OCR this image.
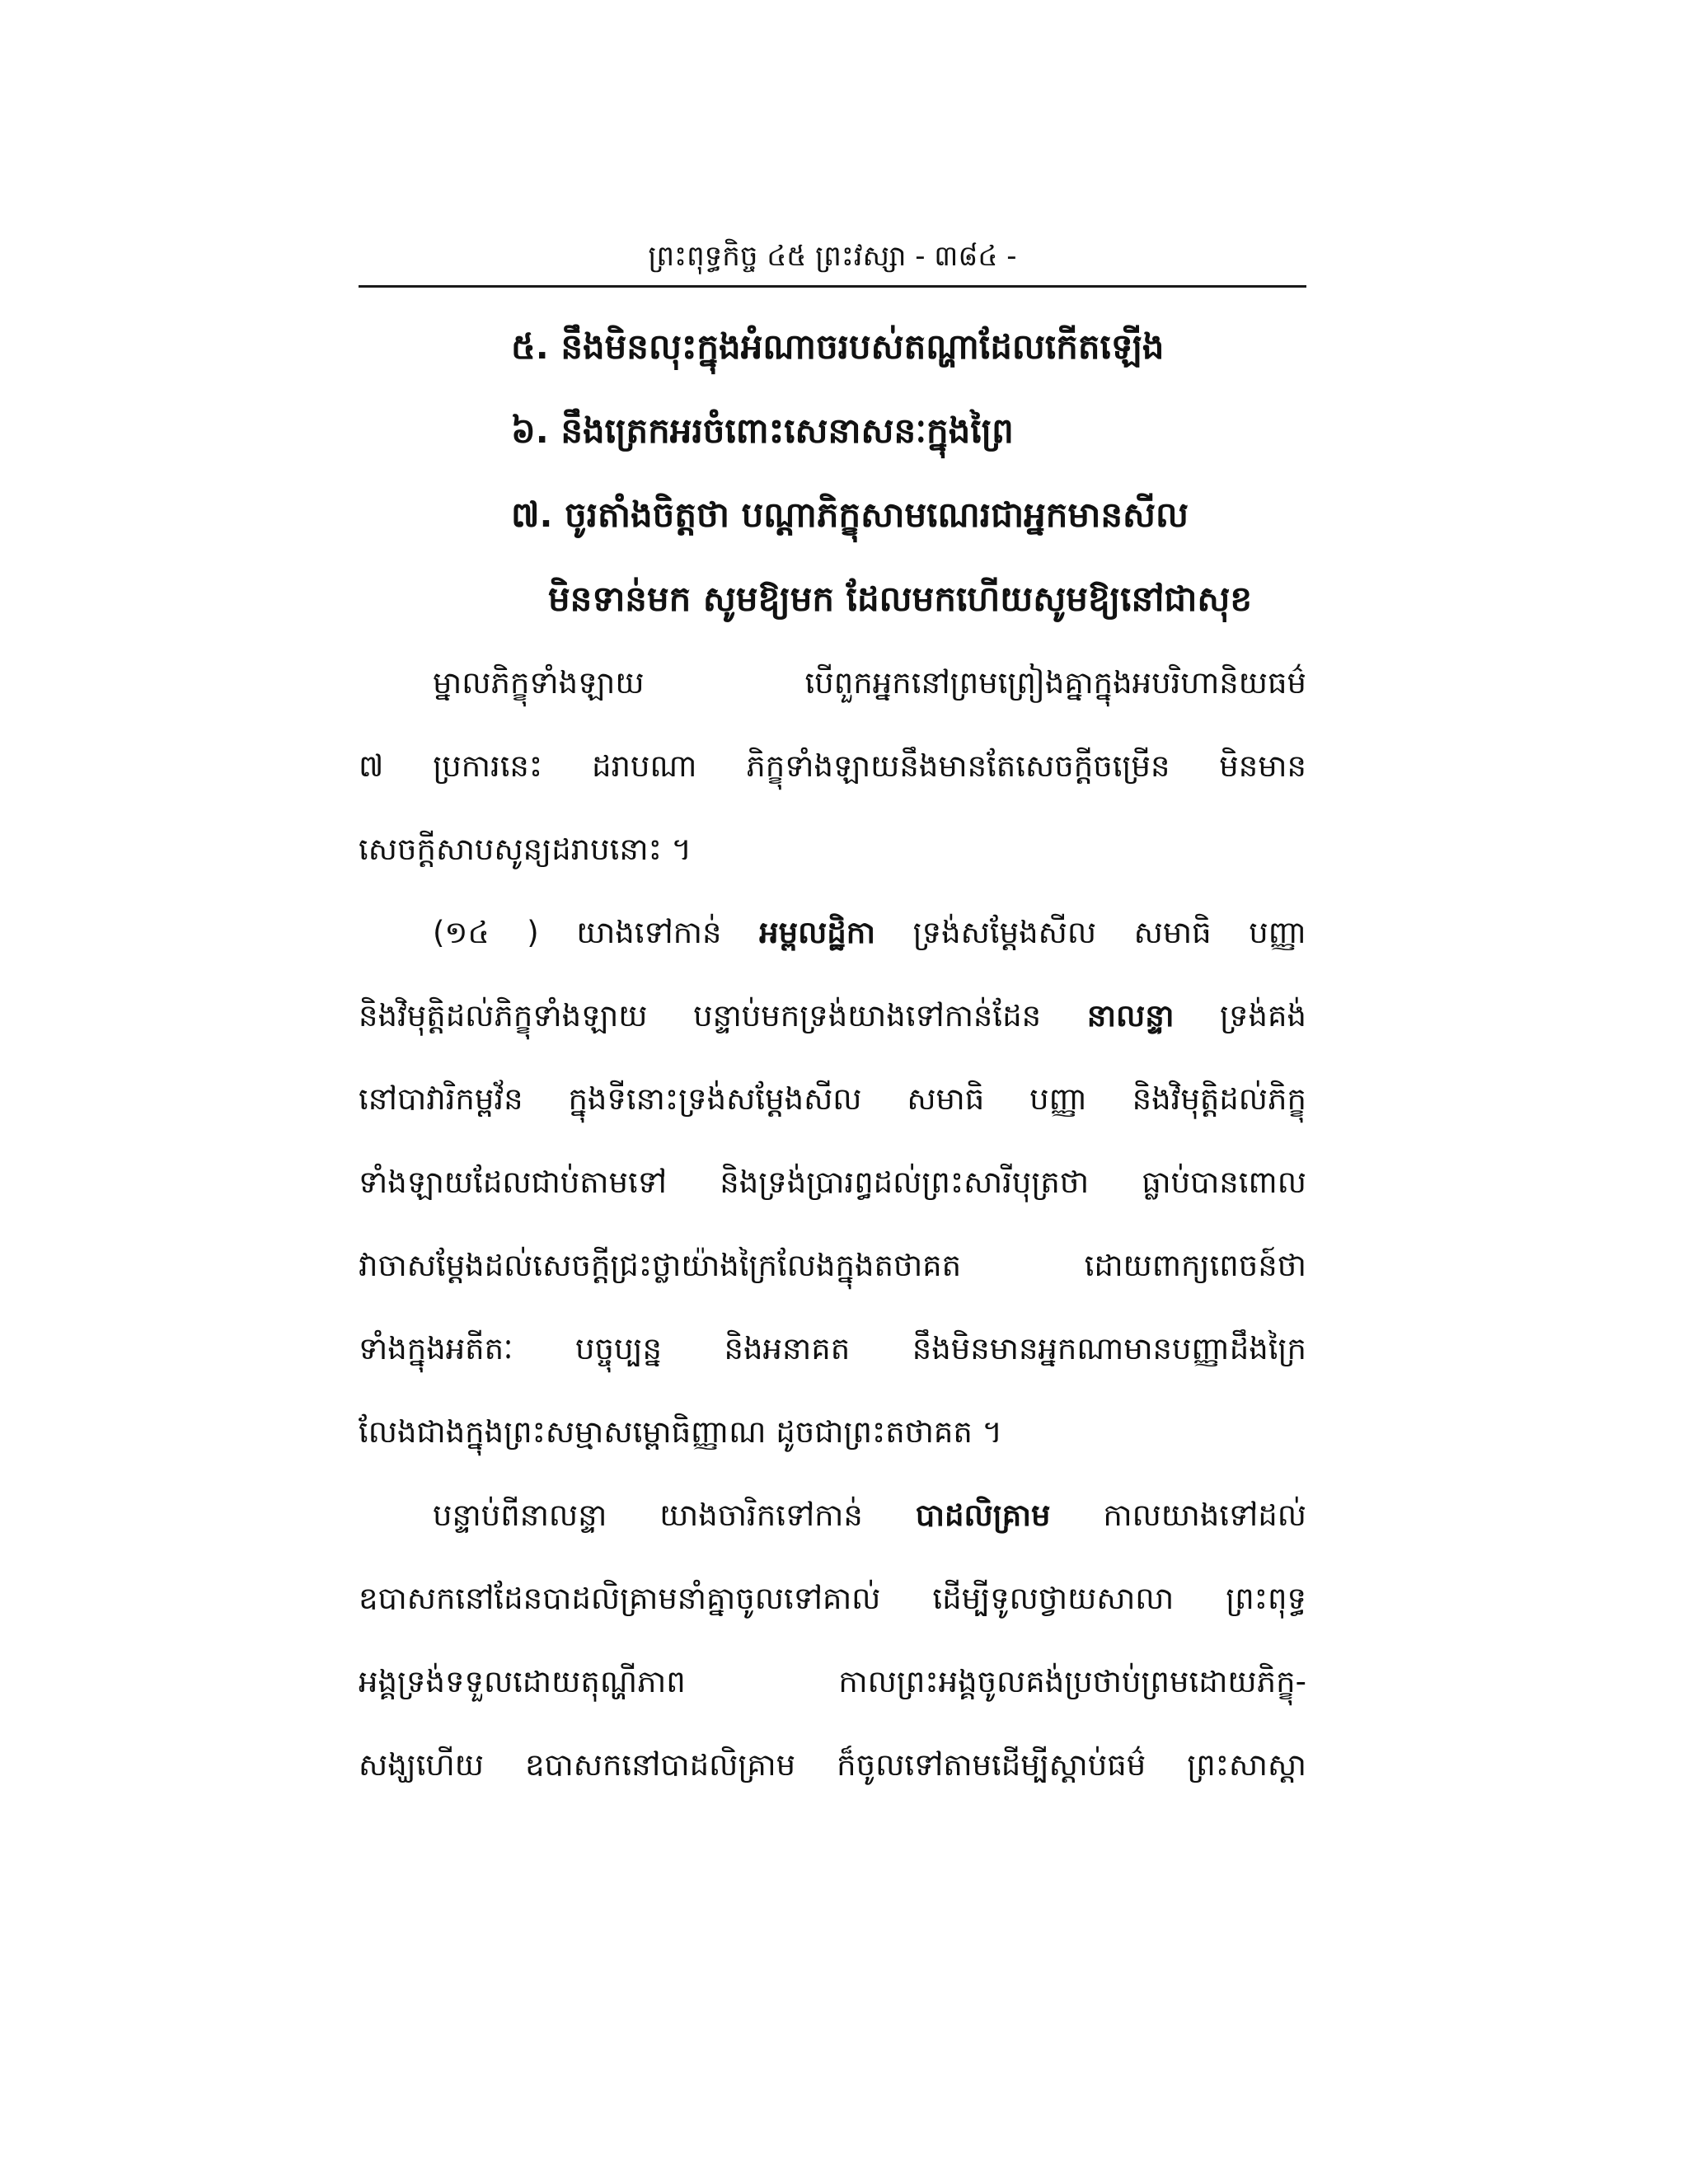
ព្រះពុទ្ធកិច្ច ៤៥ ព្រះវស្សា - ៣៨៤ -
៥. នឹងមិនលុះក្នុងអំណាចរបស់តណ្ហាដែលកើតឡើង
៦. នឹងត្រេកអរចំពោះសេនាសនៈក្នុងព្រៃ
៧. ចូរតាំងចិត្តថា បណ្តាភិក្ខុសាមណេរជាអ្នកមានសីល
មិនទាន់មក សូមឱ្យមក ដែលមកហើយសូមឱ្យនៅជាសុខ
ម្នាលភិក្ខុទាំងឡាយ បើពួកអ្នកនៅព្រមព្រៀងគ្នាក្នុងអបរិហានិយធម៌
៧ ប្រការនេះ ដរាបណា ភិក្ខុទាំងឡាយនឹងមានតែសេចក្តីចម្រើន មិនមាន
សេចក្តីសាបសូន្យដរាបនោះ ។
(១៤ ) យាងទៅកាន់ អម្ពលដ្ឋិកា ទ្រង់សម្តែងសីល សមាធិ បញ្ញា
និងវិមុត្តិដល់ភិក្ខុទាំងឡាយ បន្ទាប់មកទ្រង់យាងទៅកាន់ដែន នាលន្ទា ទ្រង់គង់
នៅបាវារិកម្ពវ័ន ក្នុងទីនោះទ្រង់សម្តែងសីល សមាធិ បញ្ញា និងវិមុត្តិដល់ភិក្ខុ
ទាំងឡាយដែលជាប់តាមទៅ និងទ្រង់ប្រារព្ធដល់ព្រះសារីបុត្រថា ធ្លាប់បានពោល
វាចាសម្តែងដល់សេចក្តីជ្រះថ្លាយ៉ាងក្រៃលែងក្នុងតថាគត ដោយពាក្យពេចន៍ថា
ទាំងក្នុងអតីតៈ បច្ចុប្បន្ន និងអនាគត នឹងមិនមានអ្នកណាមានបញ្ញាដឹងក្រៃ
លែងជាងក្នុងព្រះសម្មាសម្ពោធិញ្ញាណ ដូចជាព្រះតថាគត ។
បន្ទាប់ពីនាលន្ទា យាងចារិកទៅកាន់ បាដលិគ្រាម កាលយាងទៅដល់
ឧបាសកនៅដែនបាដលិគ្រាមនាំគ្នាចូលទៅគាល់ ដើម្បីទូលថ្វាយសាលា ព្រះពុទ្ធ
អង្គទ្រង់ទទួលដោយតុណ្ហីភាព កាលព្រះអង្គចូលគង់ប្រថាប់ព្រមដោយភិក្ខុ-
សង្ឃហើយ ឧបាសកនៅបាដលិគ្រាម ក៏ចូលទៅតាមដើម្បីស្តាប់ធម៌ ព្រះសាស្តា
